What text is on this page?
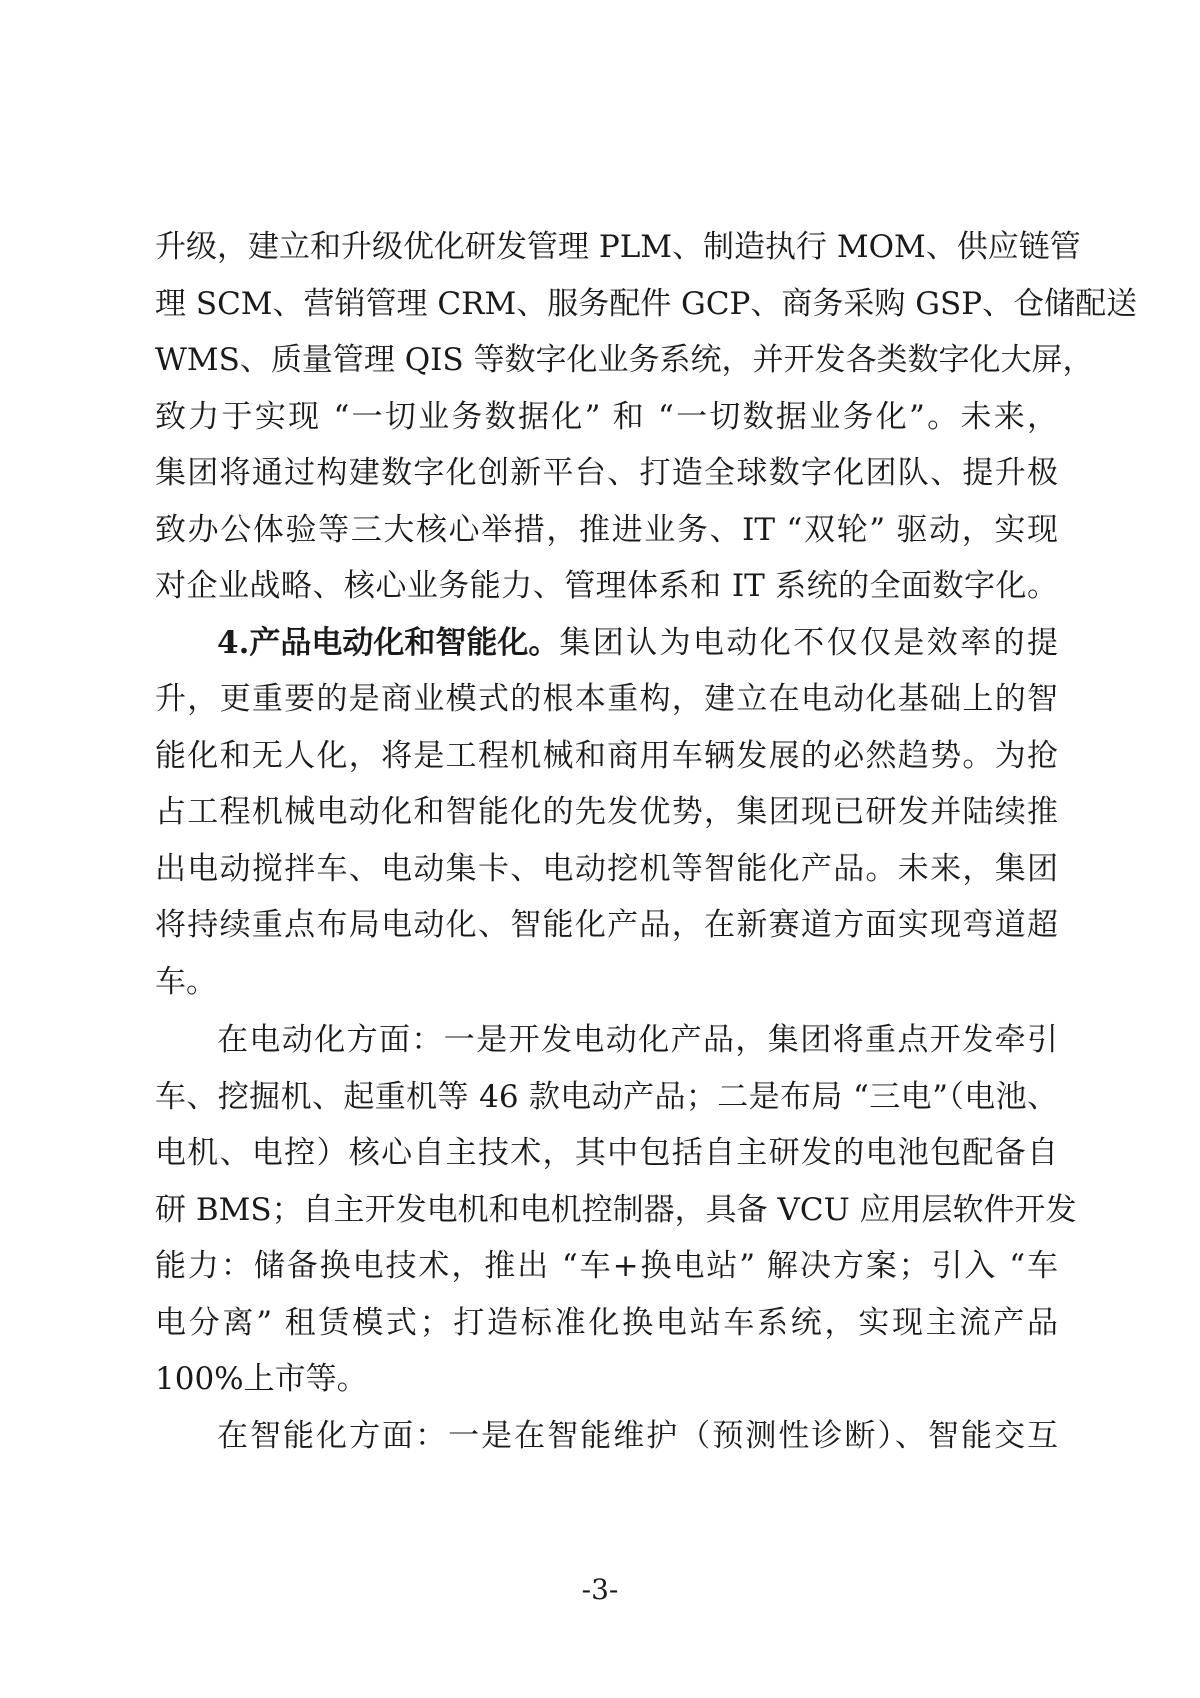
升级，建立和升级优化研发管理 PLM、制造执行 MOM、供应链管
理 SCM、营销管理 CRM、服务配件 GCP、商务采购 GSP、仓储配送
WMS、质量管理 QIS 等数字化业务系统，并开发各类数字化大屏，
致力于实现 “一切业务数据化” 和 “一切数据业务化”。未来，
集团将通过构建数字化创新平台、打造全球数字化团队、提升极
致办公体验等三大核心举措，推进业务、IT “双轮” 驱动，实现
对企业战略、核心业务能力、管理体系和 IT 系统的全面数字化。
4.产品电动化和智能化。 集团认为电动化不仅仅是效率的提
升，更重要的是商业模式的根本重构，建立在电动化基础上的智
能化和无人化，将是工程机械和商用车辆发展的必然趋势。为抢
占工程机械电动化和智能化的先发优势，集团现已研发并陆续推
出电动搅拌车、电动集卡、电动挖机等智能化产品。未来，集团
将持续重点布局电动化、智能化产品，在新赛道方面实现弯道超
车。
在电动化方面：一是开发电动化产品，集团将重点开发牵引
车、挖掘机、起重机等 46 款电动产品；二是布局 “三电”（电池、
电机、电控）核心自主技术，其中包括自主研发的电池包配备自
研 BMS；自主开发电机和电机控制器，具备 VCU 应用层软件开发
能力：储备换电技术，推出 “车+换电站” 解决方案；引入 “车
电分离” 租赁模式；打造标准化换电站车系统，实现主流产品
100%上市等。
在智能化方面：一是在智能维护（预测性诊断）、智能交互
-3-
